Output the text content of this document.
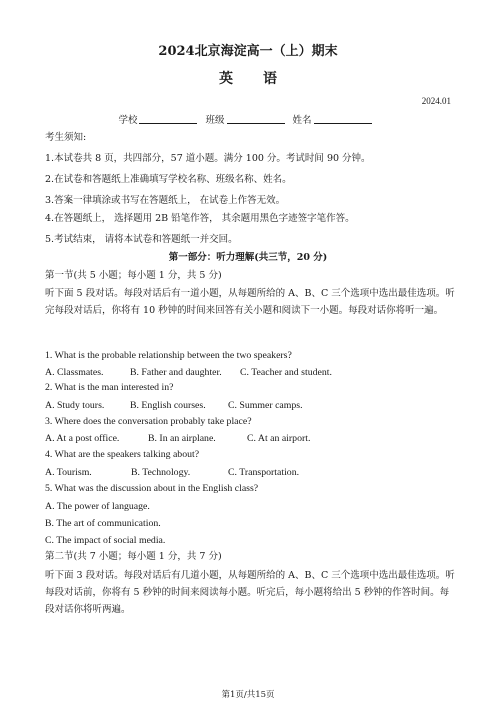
2024北京海淀高一（上）期末
英语
2024.01
学校	班级	姓名
考生须知:
1.本试卷共 8 页，共四部分，57 道小题。满分 100 分。考试时间 90 分钟。
2.在试卷和答题纸上准确填写学校名称、班级名称、姓名。
3.答案一律填涂或书写在答题纸上， 在试卷上作答无效。
4.在答题纸上， 选择题用 2B 铅笔作答， 其余题用黑色字迹签字笔作答。
5.考试结束， 请将本试卷和答题纸一并交回。
第一部分：听力理解(共三节，20 分)
第一节(共 5 小题；每小题 1 分，共 5 分)
听下面 5 段对话。每段对话后有一道小题，从每题所给的 A、B、C 三个选项中选出最佳选项。听完每段对话后，你将有 10 秒钟的时间来回答有关小题和阅读下一小题。每段对话你将听一遍。
1. What is the probable relationship between the two speakers?
A. Classmates.	B. Father and daughter. C. Teacher and student.
2. What is the man interested in?
A. Study tours.	B. English courses. C. Summer camps.
3. Where does the conversation probably take place?
A. At a post office.	B. In an airplane.	C. At an airport.
4. What are the speakers talking about?
A. Tourism.	B. Technology.	C. Transportation.
5. What was the discussion about in the English class?
A. The power of language.
B. The art of communication.
C. The impact of social media.
第二节(共 7 小题；每小题 1 分，共 7 分)
听下面 3 段对话。每段对话后有几道小题，从每题所给的 A、B、C 三个选项中选出最佳选项。听每段对话前，你将有 5 秒钟的时间来阅读每小题。听完后，每小题将给出 5 秒钟的作答时间。每段对话你将听两遍。
第1页/共15页
